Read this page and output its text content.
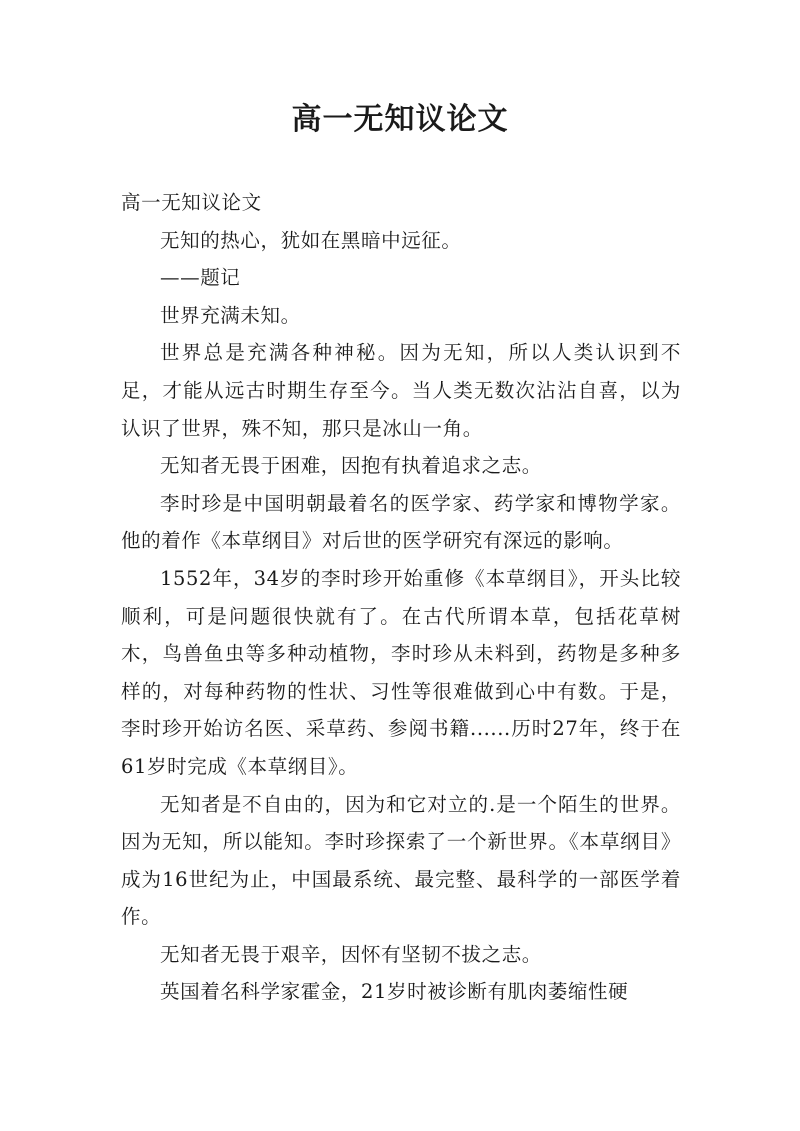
高一无知议论文

高一无知议论文

无知的热心，犹如在黑暗中远征。

——题记

世界充满未知。

世界总是充满各种神秘。因为无知，所以人类认识到不足，才能从远古时期生存至今。当人类无数次沾沾自喜，以为认识了世界，殊不知，那只是冰山一角。

无知者无畏于困难，因抱有执着追求之志。

李时珍是中国明朝最着名的医学家、药学家和博物学家。他的着作《本草纲目》对后世的医学研究有深远的影响。

1552年，34岁的李时珍开始重修《本草纲目》，开头比较顺利，可是问题很快就有了。在古代所谓本草，包括花草树木，鸟兽鱼虫等多种动植物，李时珍从未料到，药物是多种多样的，对每种药物的性状、习性等很难做到心中有数。于是，李时珍开始访名医、采草药、参阅书籍......历时27年，终于在61岁时完成《本草纲目》。

无知者是不自由的，因为和它对立的.是一个陌生的世界。因为无知，所以能知。李时珍探索了一个新世界。《本草纲目》成为16世纪为止，中国最系统、最完整、最科学的一部医学着作。

无知者无畏于艰辛，因怀有坚韧不拔之志。

英国着名科学家霍金，21岁时被诊断有肌肉萎缩性硬
